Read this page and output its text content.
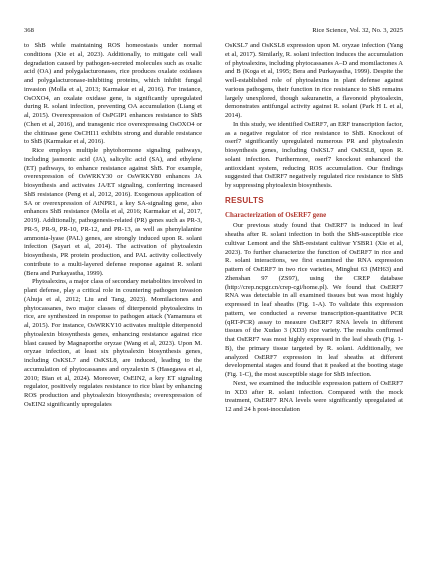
368	Rice Science, Vol. 32, No. 3, 2025

to ShB while maintaining ROS homeostasis under normal conditions (Xie et al, 2023). Additionally, to mitigate cell wall degradation caused by pathogen-secreted molecules such as oxalic acid (OA) and polygalacturonases, rice produces oxalate oxidases and polygalacturonase-inhibiting proteins, which inhibit fungal invasion (Molla et al, 2013; Karmakar et al, 2016). For instance, OsOXO4, an oxalate oxidase gene, is significantly upregulated during R. solani infection, preventing OA accumulation (Liang et al, 2015). Overexpression of OsPGIP1 enhances resistance to ShB (Chen et al, 2016), and transgenic rice overexpressing OsOXO4 or the chitinase gene OsCHI11 exhibits strong and durable resistance to ShB (Karmakar et al, 2016).

Rice employs multiple phytohormone signaling pathways, including jasmonic acid (JA), salicylic acid (SA), and ethylene (ET) pathways, to enhance resistance against ShB. For example, overexpression of OsWRKY30 or OsWRKY80 enhances JA biosynthesis and activates JA/ET signaling, conferring increased ShB resistance (Peng et al, 2012, 2016). Exogenous application of SA or overexpression of AtNPR1, a key SA-signaling gene, also enhances ShB resistance (Molla et al, 2016; Karmakar et al, 2017, 2019). Additionally, pathogenesis-related (PR) genes such as PR-3, PR-5, PR-9, PR-10, PR-12, and PR-13, as well as phenylalanine ammonia-lyase (PAL) genes, are strongly induced upon R. solani infection (Sayari et al, 2014). The activation of phytoalexin biosynthesis, PR protein production, and PAL activity collectively contribute to a multi-layered defense response against R. solani (Bera and Purkayastha, 1999).

Phytoalexins, a major class of secondary metabolites involved in plant defense, play a critical role in countering pathogen invasion (Ahuja et al, 2012; Liu and Tang, 2023). Momilactones and phytocassanes, two major classes of diterpenoid phytoalexins in rice, are synthesized in response to pathogen attack (Yamamura et al, 2015). For instance, OsWRKY10 activates multiple diterpenoid phytoalexin biosynthesis genes, enhancing resistance against rice blast caused by Magnaporthe oryzae (Wang et al, 2023). Upon M. oryzae infection, at least six phytoalexin biosynthesis genes, including OsKSL7 and OsKSL8, are induced, leading to the accumulation of phytocassanes and oryzalexin S (Hasegawa et al, 2010; Bian et al, 2024). Moreover, OsEIN2, a key ET signaling regulator, positively regulates resistance to rice blast by enhancing ROS production and phytoalexin biosynthesis; overexpression of OsEIN2 significantly upregulates

OsKSL7 and OsKSL8 expression upon M. oryzae infection (Yang et al, 2017). Similarly, R. solani infection induces the accumulation of phytoalexins, including phytocassanes A–D and momilactones A and B (Koga et al, 1995; Bera and Purkayastha, 1999). Despite the well-established role of phytoalexins in plant defense against various pathogens, their function in rice resistance to ShB remains largely unexplored, though sakuranetin, a flavonoid phytoalexin, demonstrates antifungal activity against R. solani (Park H L et al, 2014).

In this study, we identified OsERF7, an ERF transcription factor, as a negative regulator of rice resistance to ShB. Knockout of oserf7 significantly upregulated numerous PR and phytoalexin biosynthesis genes, including OsKSL7 and OsKSL8, upon R. solani infection. Furthermore, oserf7 knockout enhanced the antioxidant system, reducing ROS accumulation. Our findings suggested that OsERF7 negatively regulated rice resistance to ShB by suppressing phytoalexin biosynthesis.

RESULTS
Characterization of OsERF7 gene

Our previous study found that OsERF7 is induced in leaf sheaths after R. solani infection in both the ShB-susceptible rice cultivar Lemont and the ShB-resistant cultivar YSBR1 (Xie et al, 2023). To further characterize the function of OsERF7 in rice and R. solani interactions, we first examined the RNA expression pattern of OsERF7 in two rice varieties, Minghui 63 (MH63) and Zhenshan 97 (ZS97), using the CREP database (http://crep.ncpgr.cn/crep-cgi/home.pl). We found that OsERF7 RNA was detectable in all examined tissues but was most highly expressed in leaf sheaths (Fig. 1-A). To validate this expression pattern, we conducted a reverse transcription-quantitative PCR (qRT-PCR) assay to measure OsERF7 RNA levels in different tissues of the Xudao 3 (XD3) rice variety. The results confirmed that OsERF7 was most highly expressed in the leaf sheath (Fig. 1-B), the primary tissue targeted by R. solani. Additionally, we analyzed OsERF7 expression in leaf sheaths at different developmental stages and found that it peaked at the booting stage (Fig. 1-C), the most susceptible stage for ShB infection.

Next, we examined the inducible expression pattern of OsERF7 in XD3 after R. solani infection. Compared with the mock treatment, OsERF7 RNA levels were significantly upregulated at 12 and 24 h post-inoculation
